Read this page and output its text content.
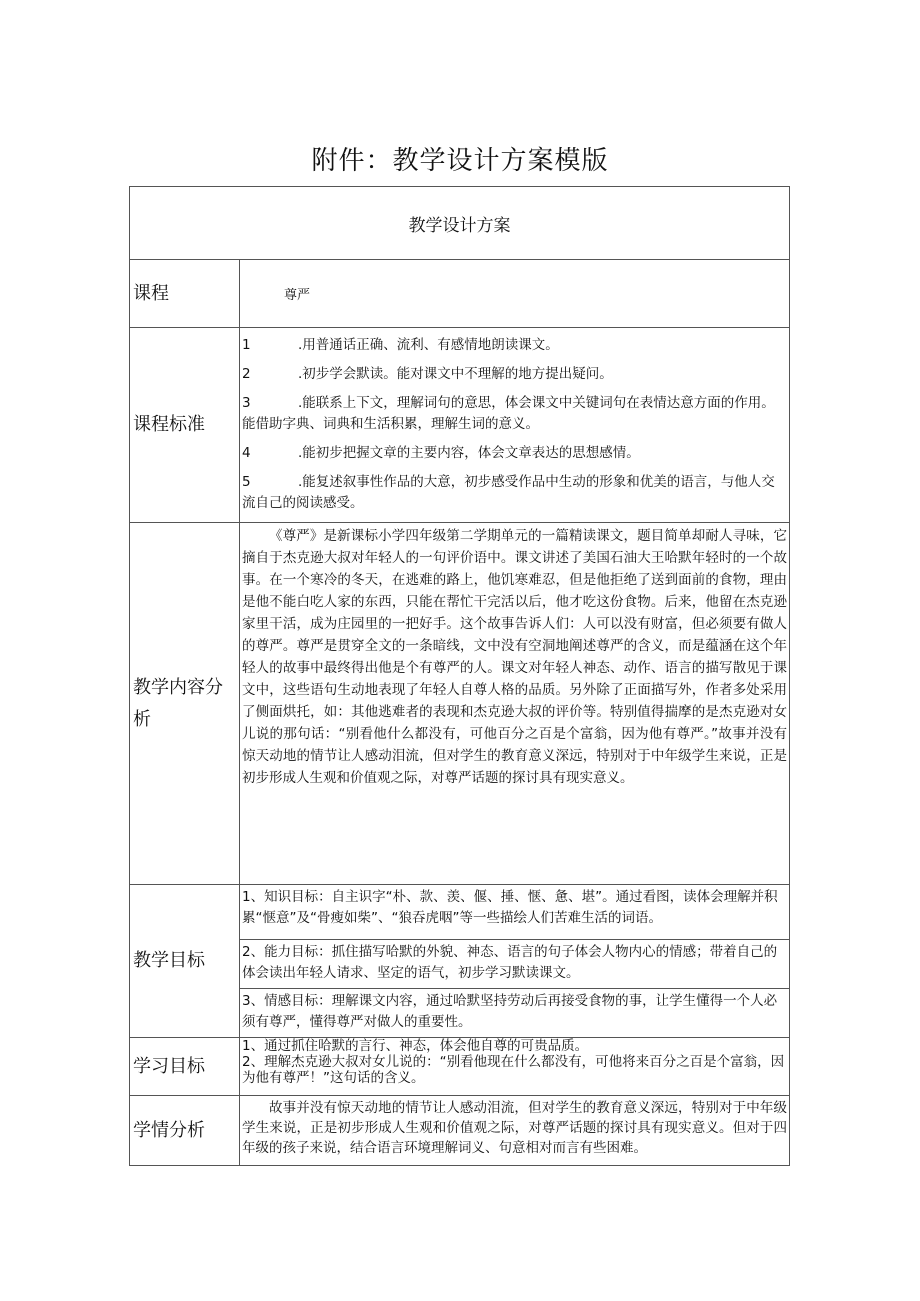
附件：教学设计方案模版
教学设计方案	
课程	尊严
课程标准	1 .用普通话正确、流利、有感情地朗读课文。
2 .初步学会默读。能对课文中不理解的地方提出疑问。
3 .能联系上下文，理解词句的意思，体会课文中关键词句在表情达意方面的作用。能借助字典、词典和生活积累，理解生词的意义。
4 .能初步把握文章的主要内容，体会文章表达的思想感情。
5 .能复述叙事性作品的大意，初步感受作品中生动的形象和优美的语言，与他人交流自己的阅读感受。

教学内容分析	《尊严》是新课标小学四年级第二学期单元的一篇精读课文，题目简单却耐人寻味，它摘自于杰克逊大叔对年轻人的一句评价语中。课文讲述了美国石油大王哈默年轻时的一个故事。在一个寒冷的冬天，在逃难的路上，他饥寒难忍，但是他拒绝了送到面前的食物，理由是他不能白吃人家的东西，只能在帮忙干完活以后，他才吃这份食物。后来，他留在杰克逊家里干活，成为庄园里的一把好手。这个故事告诉人们：人可以没有财富，但必须要有做人的尊严。尊严是贯穿全文的一条暗线，文中没有空洞地阐述尊严的含义，而是蕴涵在这个年轻人的故事中最终得出他是个有尊严的人。课文对年轻人神态、动作、语言的描写散见于课文中，这些语句生动地表现了年轻人自尊人格的品质。另外除了正面描写外，作者多处采用了侧面烘托，如：其他逃难者的表现和杰克逊大叔的评价等。特别值得揣摩的是杰克逊对女儿说的那句话：“别看他什么都没有，可他百分之百是个富翁，因为他有尊严。”故事并没有惊天动地的情节让人感动泪流，但对学生的教育意义深远，特别对于中年级学生来说，正是初步形成人生观和价值观之际，对尊严话题的探讨具有现实意义。

教学目标	1、知识目标：自主识字“朴、款、羡、偃、捶、惬、惫、堪”。通过看图，读体会理解并积累“惬意”及“骨瘦如柴”、“狼吞虎咽”等一些描绘人们苦难生活的词语。
2、能力目标：抓住描写哈默的外貌、神态、语言的句子体会人物内心的情感；带着自己的体会读出年轻人请求、坚定的语气，初步学习默读课文。
3、情感目标：理解课文内容，通过哈默坚持劳动后再接受食物的事，让学生懂得一个人必须有尊严，懂得尊严对做人的重要性。

学习目标	1、通过抓住哈默的言行、神态，体会他自尊的可贵品质。
2、理解杰克逊大叔对女儿说的：“别看他现在什么都没有，可他将来百分之百是个富翁，因为他有尊严！”这句话的含义。

学情分析	故事并没有惊天动地的情节让人感动泪流，但对学生的教育意义深远，特别对于中年级学生来说，正是初步形成人生观和价值观之际，对尊严话题的探讨具有现实意义。但对于四年级的孩子来说，结合语言环境理解词义、句意相对而言有些困难。
